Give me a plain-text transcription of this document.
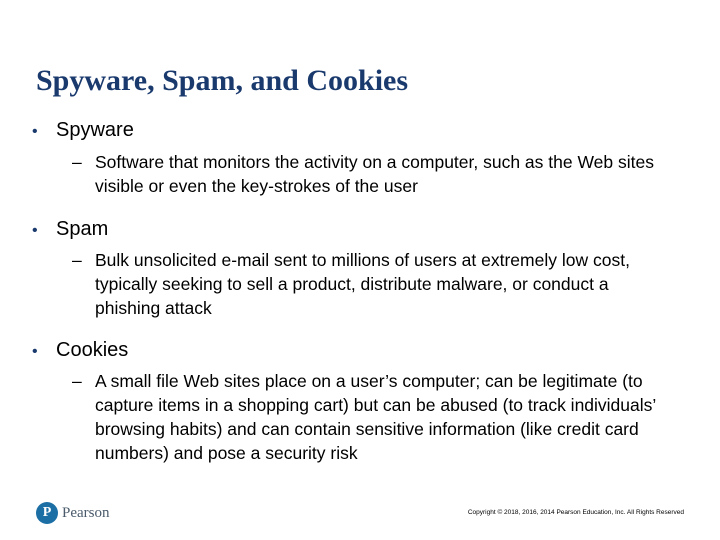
Spyware, Spam, and Cookies
• Spyware
– Software that monitors the activity on a computer, such as the Web sites visible or even the key-strokes of the user
• Spam
– Bulk unsolicited e-mail sent to millions of users at extremely low cost, typically seeking to sell a product, distribute malware, or conduct a phishing attack
• Cookies
– A small file Web sites place on a user’s computer; can be legitimate (to capture items in a shopping cart) but can be abused (to track individuals’ browsing habits) and can contain sensitive information (like credit card numbers) and pose a security risk
P Pearson	Copyright © 2018, 2016, 2014 Pearson Education, Inc. All Rights Reserved
